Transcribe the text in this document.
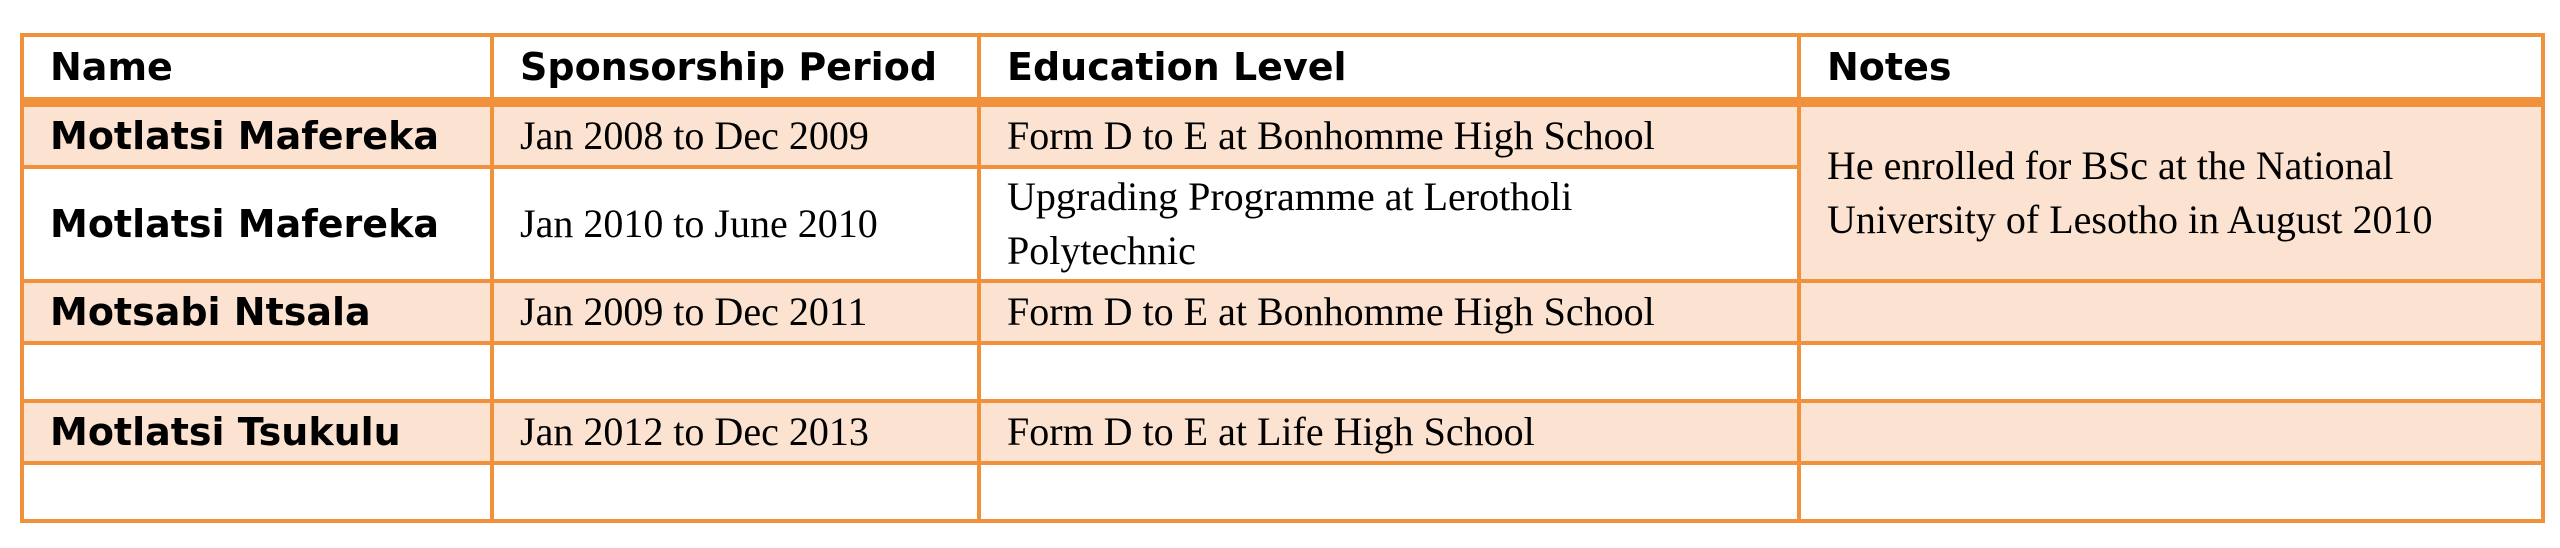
Name	Sponsorship Period	Education Level	Notes
Motlatsi Mafereka	Jan 2008 to Dec 2009	Form D to E at Bonhomme High School	He enrolled for BSc at the National University of Lesotho in August 2010
Motlatsi Mafereka	Jan 2010 to June 2010	Upgrading Programme at Lerotholi Polytechnic	
Motsabi Ntsala	Jan 2009 to Dec 2011	Form D to E at Bonhomme High School	

Motlatsi Tsukulu	Jan 2012 to Dec 2013	Form D to E at Life High School	
